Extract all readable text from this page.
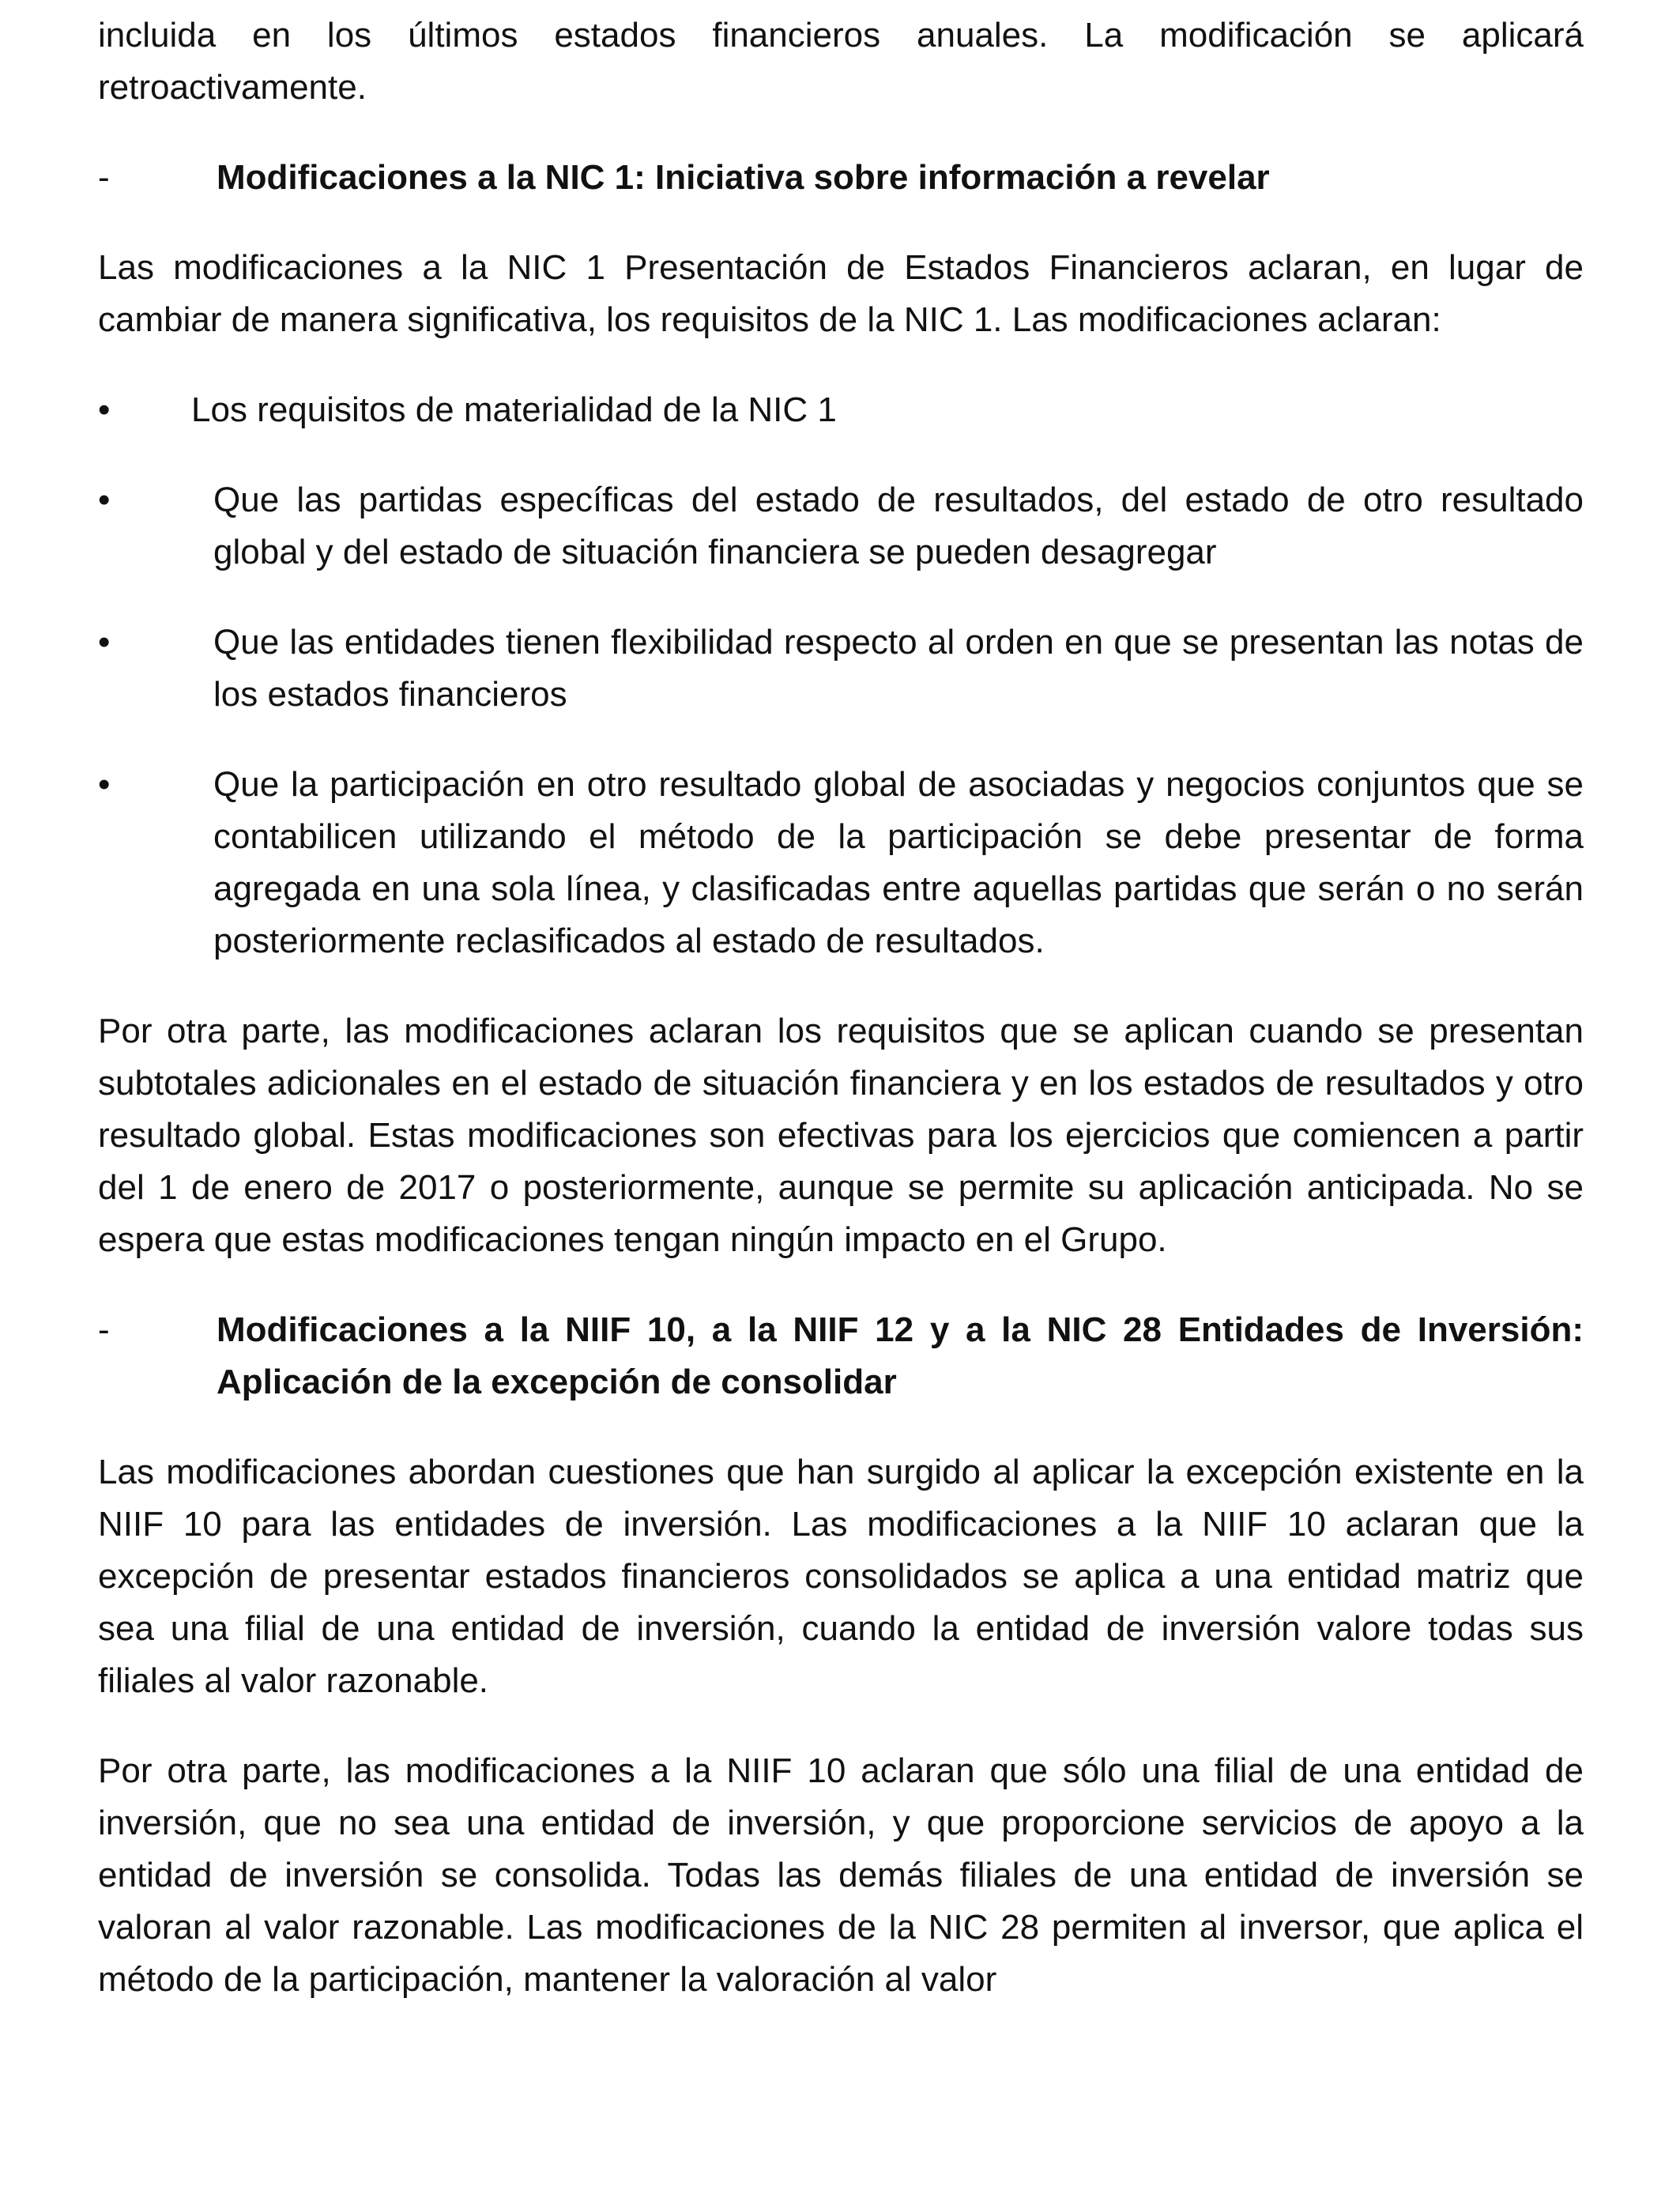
incluida en los últimos estados financieros anuales. La modificación se aplicará retroactivamente.

-	Modificaciones a la NIC 1: Iniciativa sobre información a revelar

Las modificaciones a la NIC 1 Presentación de Estados Financieros aclaran, en lugar de cambiar de manera significativa, los requisitos de la NIC 1. Las modificaciones aclaran:

•	Los requisitos de materialidad de la NIC 1
•	Que las partidas específicas del estado de resultados, del estado de otro resultado global y del estado de situación financiera se pueden desagregar
•	Que las entidades tienen flexibilidad respecto al orden en que se presentan las notas de los estados financieros
•	Que la participación en otro resultado global de asociadas y negocios conjuntos que se contabilicen utilizando el método de la participación se debe presentar de forma agregada en una sola línea, y clasificadas entre aquellas partidas que serán o no serán posteriormente reclasificados al estado de resultados.

Por otra parte, las modificaciones aclaran los requisitos que se aplican cuando se presentan subtotales adicionales en el estado de situación financiera y en los estados de resultados y otro resultado global. Estas modificaciones son efectivas para los ejercicios que comiencen a partir del 1 de enero de 2017 o posteriormente, aunque se permite su aplicación anticipada. No se espera que estas modificaciones tengan ningún impacto en el Grupo.

-	Modificaciones a la NIIF 10, a la NIIF 12 y a la NIC 28 Entidades de Inversión: Aplicación de la excepción de consolidar

Las modificaciones abordan cuestiones que han surgido al aplicar la excepción existente en la NIIF 10 para las entidades de inversión. Las modificaciones a la NIIF 10 aclaran que la excepción de presentar estados financieros consolidados se aplica a una entidad matriz que sea una filial de una entidad de inversión, cuando la entidad de inversión valore todas sus filiales al valor razonable.

Por otra parte, las modificaciones a la NIIF 10 aclaran que sólo una filial de una entidad de inversión, que no sea una entidad de inversión, y que proporcione servicios de apoyo a la entidad de inversión se consolida. Todas las demás filiales de una entidad de inversión se valoran al valor razonable. Las modificaciones de la NIC 28 permiten al inversor, que aplica el método de la participación, mantener la valoración al valor
